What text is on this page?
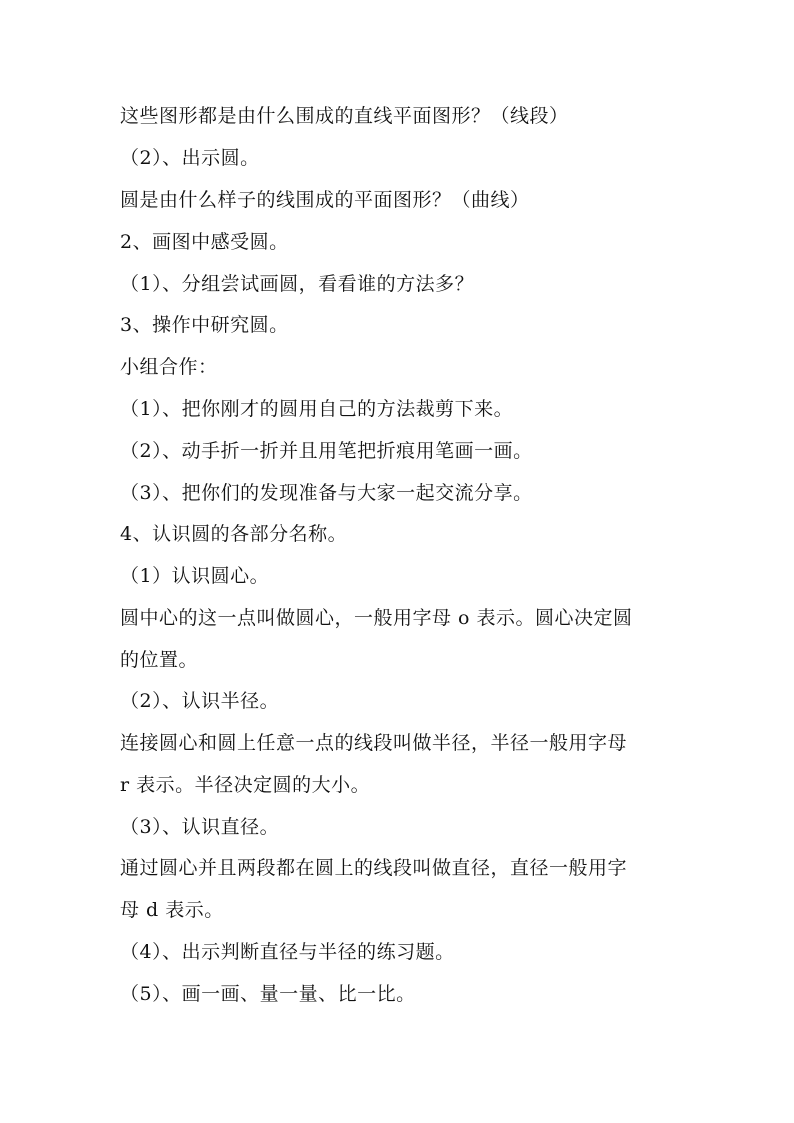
这些图形都是由什么围成的直线平面图形？（线段）
（2）、出示圆。
圆是由什么样子的线围成的平面图形？（曲线）
2、画图中感受圆。
（1）、分组尝试画圆，看看谁的方法多？
3、操作中研究圆。
小组合作：
（1）、把你刚才的圆用自己的方法裁剪下来。
（2）、动手折一折并且用笔把折痕用笔画一画。
（3）、把你们的发现准备与大家一起交流分享。
4、认识圆的各部分名称。
（1）认识圆心。
圆中心的这一点叫做圆心，一般用字母 o 表示。圆心决定圆
的位置。
（2）、认识半径。
连接圆心和圆上任意一点的线段叫做半径，半径一般用字母
r 表示。半径决定圆的大小。
（3）、认识直径。
通过圆心并且两段都在圆上的线段叫做直径，直径一般用字
母 d 表示。
（4）、出示判断直径与半径的练习题。
（5）、画一画、量一量、比一比。
